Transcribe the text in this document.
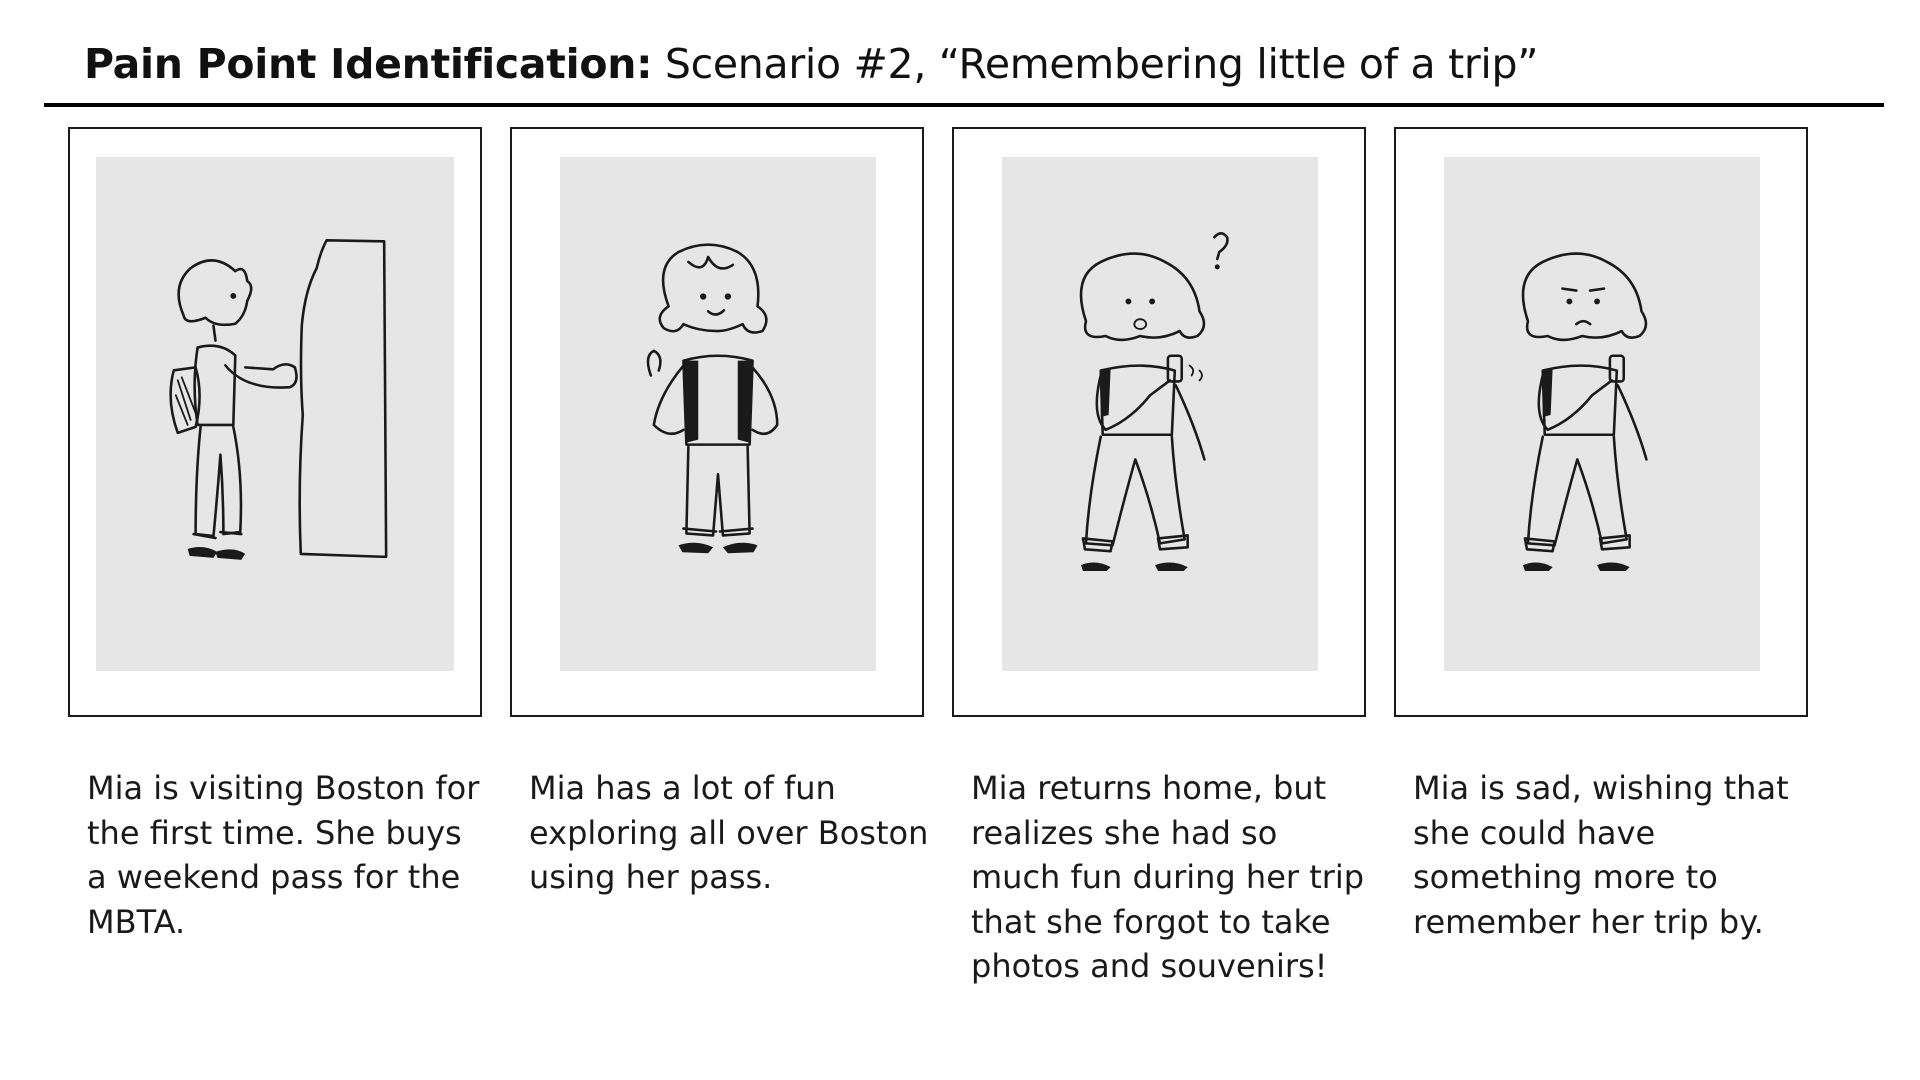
Pain Point Identification: Scenario #2, “Remembering little of a trip”
Mia is visiting Boston for the first time. She buys a weekend pass for the MBTA.
Mia has a lot of fun exploring all over Boston using her pass.
Mia returns home, but realizes she had so much fun during her trip that she forgot to take photos and souvenirs!
Mia is sad, wishing that she could have something more to remember her trip by.
